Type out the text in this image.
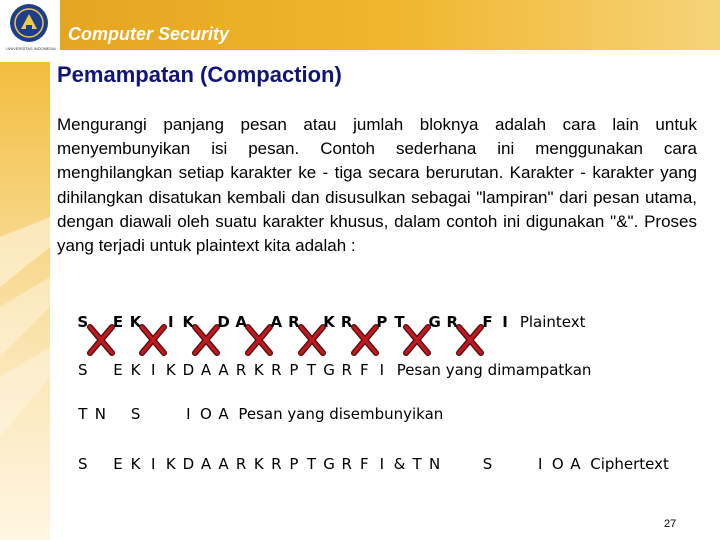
Computer Security
UNIVERSITAS INDONESIA
Pemampatan (Compaction)
Mengurangi panjang pesan atau jumlah bloknya adalah cara lain untuk menyembunyikan isi pesan. Contoh sederhana ini menggunakan cara menghilangkan setiap karakter ke - tiga secara berurutan. Karakter - karakter yang dihilangkan disatukan kembali dan disusulkan sebagai "lampiran" dari pesan utama, dengan diawali oleh suatu karakter khusus, dalam contoh ini digunakan "&". Proses yang terjadi untuk plaintext kita adalah :
S E K I K D A A R K R P T G R F I Plaintext
S E K I K D A A R K R P T G R F I Pesan yang dimampatkan
T N S	I O A Pesan yang disembunyikan
S E K I K D A A R K R P T G R F I & T N	S	I O A Ciphertext
27
